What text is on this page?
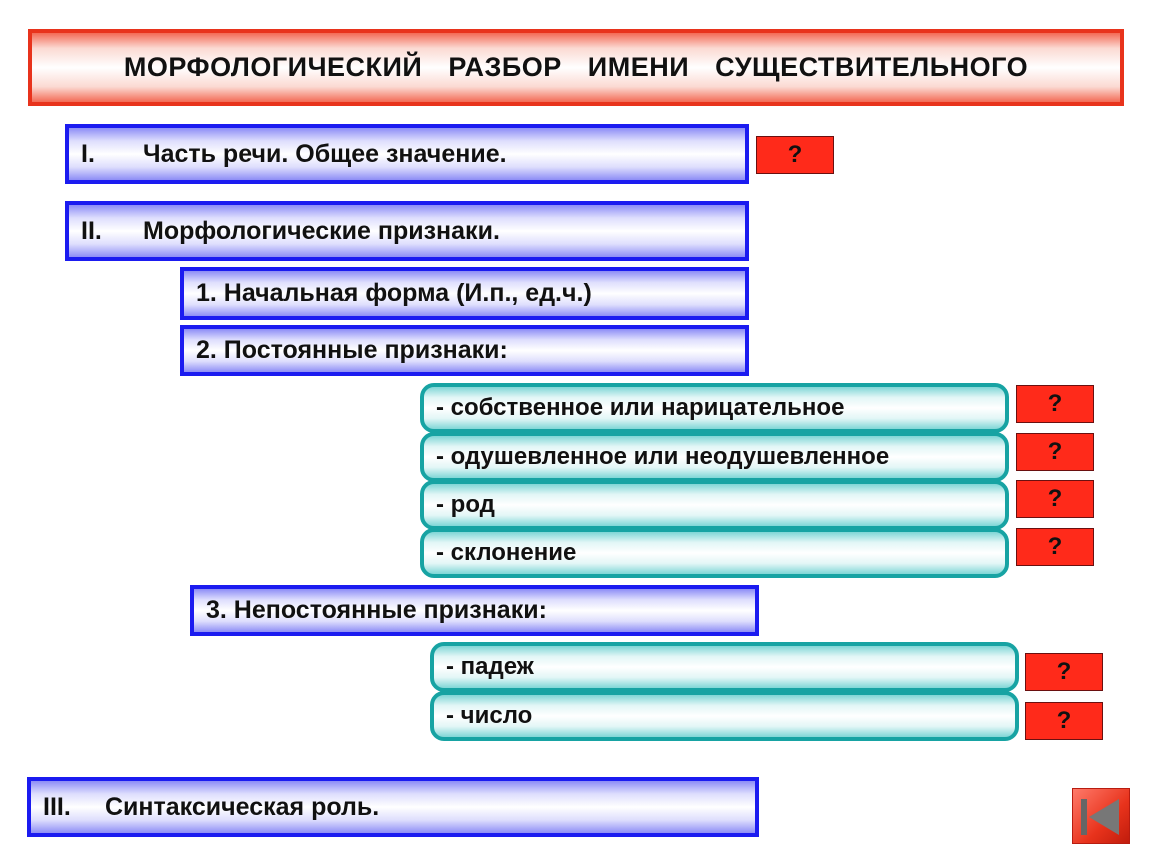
МОРФОЛОГИЧЕСКИЙ РАЗБОР ИМЕНИ СУЩЕСТВИТЕЛЬНОГО
I.	Часть речи. Общее значение.	?
II.	Морфологические признаки.
1. Начальная форма (И.п., ед.ч.)
2. Постоянные признаки:
- собственное или нарицательное	?
- одушевленное или неодушевленное	?
- род	?
- склонение	?
3. Непостоянные признаки:
- падеж	?
- число	?
III.	Синтаксическая роль.
